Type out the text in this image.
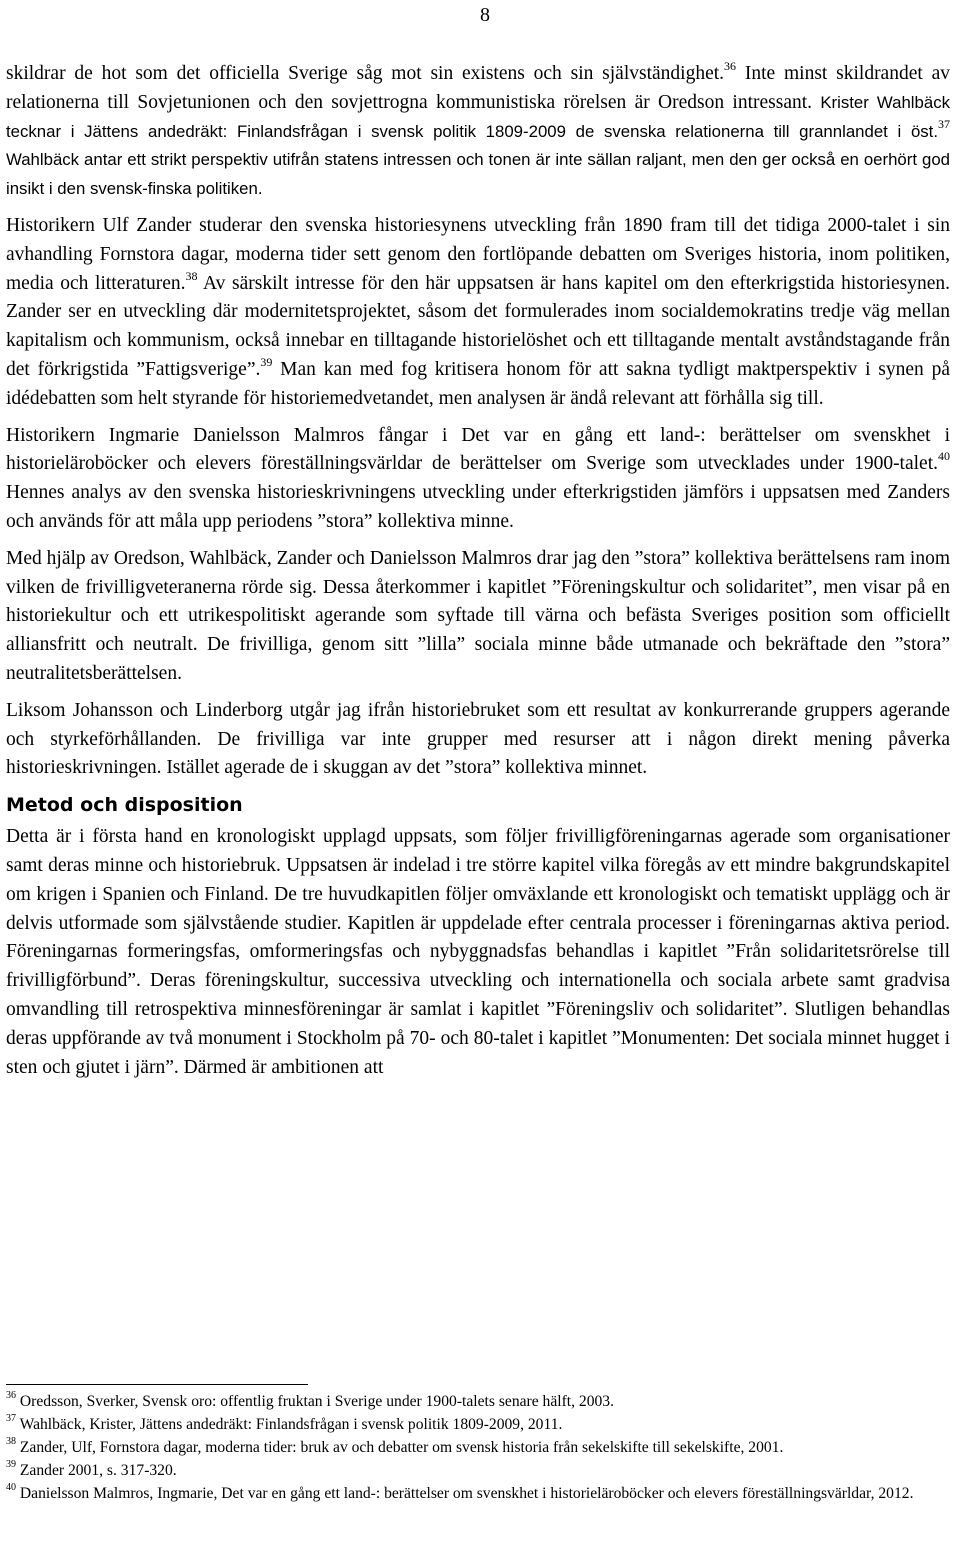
8

skildrar de hot som det officiella Sverige såg mot sin existens och sin självständighet.$^{36}$ Inte minst skildrandet av relationerna till Sovjetunionen och den sovjettrogna kommunistiska rörelsen är Oredson intressant. Krister Wahlbäck tecknar i Jättens andedräkt: Finlandsfrågan i svensk politik 1809-2009 de svenska relationerna till grannlandet i öst.$^{37}$ Wahlbäck antar ett strikt perspektiv utifrån statens intressen och tonen är inte sällan raljant, men den ger också en oerhört god insikt i den svensk-finska politiken.

Historikern Ulf Zander studerar den svenska historiesynens utveckling från 1890 fram till det tidiga 2000-talet i sin avhandling Fornstora dagar, moderna tider sett genom den fortlöpande debatten om Sveriges historia, inom politiken, media och litteraturen.$^{38}$ Av särskilt intresse för den här uppsatsen är hans kapitel om den efterkrigstida historiesynen. Zander ser en utveckling där modernitetsprojektet, såsom det formulerades inom socialdemokratins tredje väg mellan kapitalism och kommunism, också innebar en tilltagande historielöshet och ett tilltagande mentalt avståndstagande från det förkrigstida ”Fattigsverige”.$^{39}$ Man kan med fog kritisera honom för att sakna tydligt maktperspektiv i synen på idédebatten som helt styrande för historiemedvetandet, men analysen är ändå relevant att förhålla sig till.

Historikern Ingmarie Danielsson Malmros fångar i Det var en gång ett land-: berättelser om svenskhet i historieläroböcker och elevers föreställningsvärldar de berättelser om Sverige som utvecklades under 1900-talet.$^{40}$ Hennes analys av den svenska historieskrivningens utveckling under efterkrigstiden jämförs i uppsatsen med Zanders och används för att måla upp periodens ”stora” kollektiva minne.

Med hjälp av Oredson, Wahlbäck, Zander och Danielsson Malmros drar jag den ”stora” kollektiva berättelsens ram inom vilken de frivilligveteranerna rörde sig. Dessa återkommer i kapitlet ”Föreningskultur och solidaritet”, men visar på en historiekultur och ett utrikespolitiskt agerande som syftade till värna och befästa Sveriges position som officiellt alliansfritt och neutralt. De frivilliga, genom sitt ”lilla” sociala minne både utmanade och bekräftade den ”stora” neutralitetsberättelsen.

Liksom Johansson och Linderborg utgår jag ifrån historiebruket som ett resultat av konkurrerande gruppers agerande och styrkeförhållanden. De frivilliga var inte grupper med resurser att i någon direkt mening påverka historieskrivningen. Istället agerade de i skuggan av det ”stora” kollektiva minnet.

Metod och disposition

Detta är i första hand en kronologiskt upplagd uppsats, som följer frivilligföreningarnas agerade som organisationer samt deras minne och historiebruk. Uppsatsen är indelad i tre större kapitel vilka föregås av ett mindre bakgrundskapitel om krigen i Spanien och Finland. De tre huvudkapitlen följer omväxlande ett kronologiskt och tematiskt upplägg och är delvis utformade som självstående studier. Kapitlen är uppdelade efter centrala processer i föreningarnas aktiva period. Föreningarnas formeringsfas, omformeringsfas och nybyggnadsfas behandlas i kapitlet ”Från solidaritetsrörelse till frivilligförbund”. Deras föreningskultur, successiva utveckling och internationella och sociala arbete samt gradvisa omvandling till retrospektiva minnesföreningar är samlat i kapitlet ”Föreningsliv och solidaritet”. Slutligen behandlas deras uppförande av två monument i Stockholm på 70- och 80-talet i kapitlet ”Monumenten: Det sociala minnet hugget i sten och gjutet i järn”. Därmed är ambitionen att

$^{36}$ Oredsson, Sverker, Svensk oro: offentlig fruktan i Sverige under 1900-talets senare hälft, 2003.

$^{37}$ Wahlbäck, Krister, Jättens andedräkt: Finlandsfrågan i svensk politik 1809-2009, 2011.

$^{38}$ Zander, Ulf, Fornstora dagar, moderna tider: bruk av och debatter om svensk historia från sekelskifte till sekelskifte, 2001.

$^{39}$ Zander 2001, s. 317-320.

$^{40}$ Danielsson Malmros, Ingmarie, Det var en gång ett land-: berättelser om svenskhet i historieläroböcker och elevers föreställningsvärldar, 2012.
